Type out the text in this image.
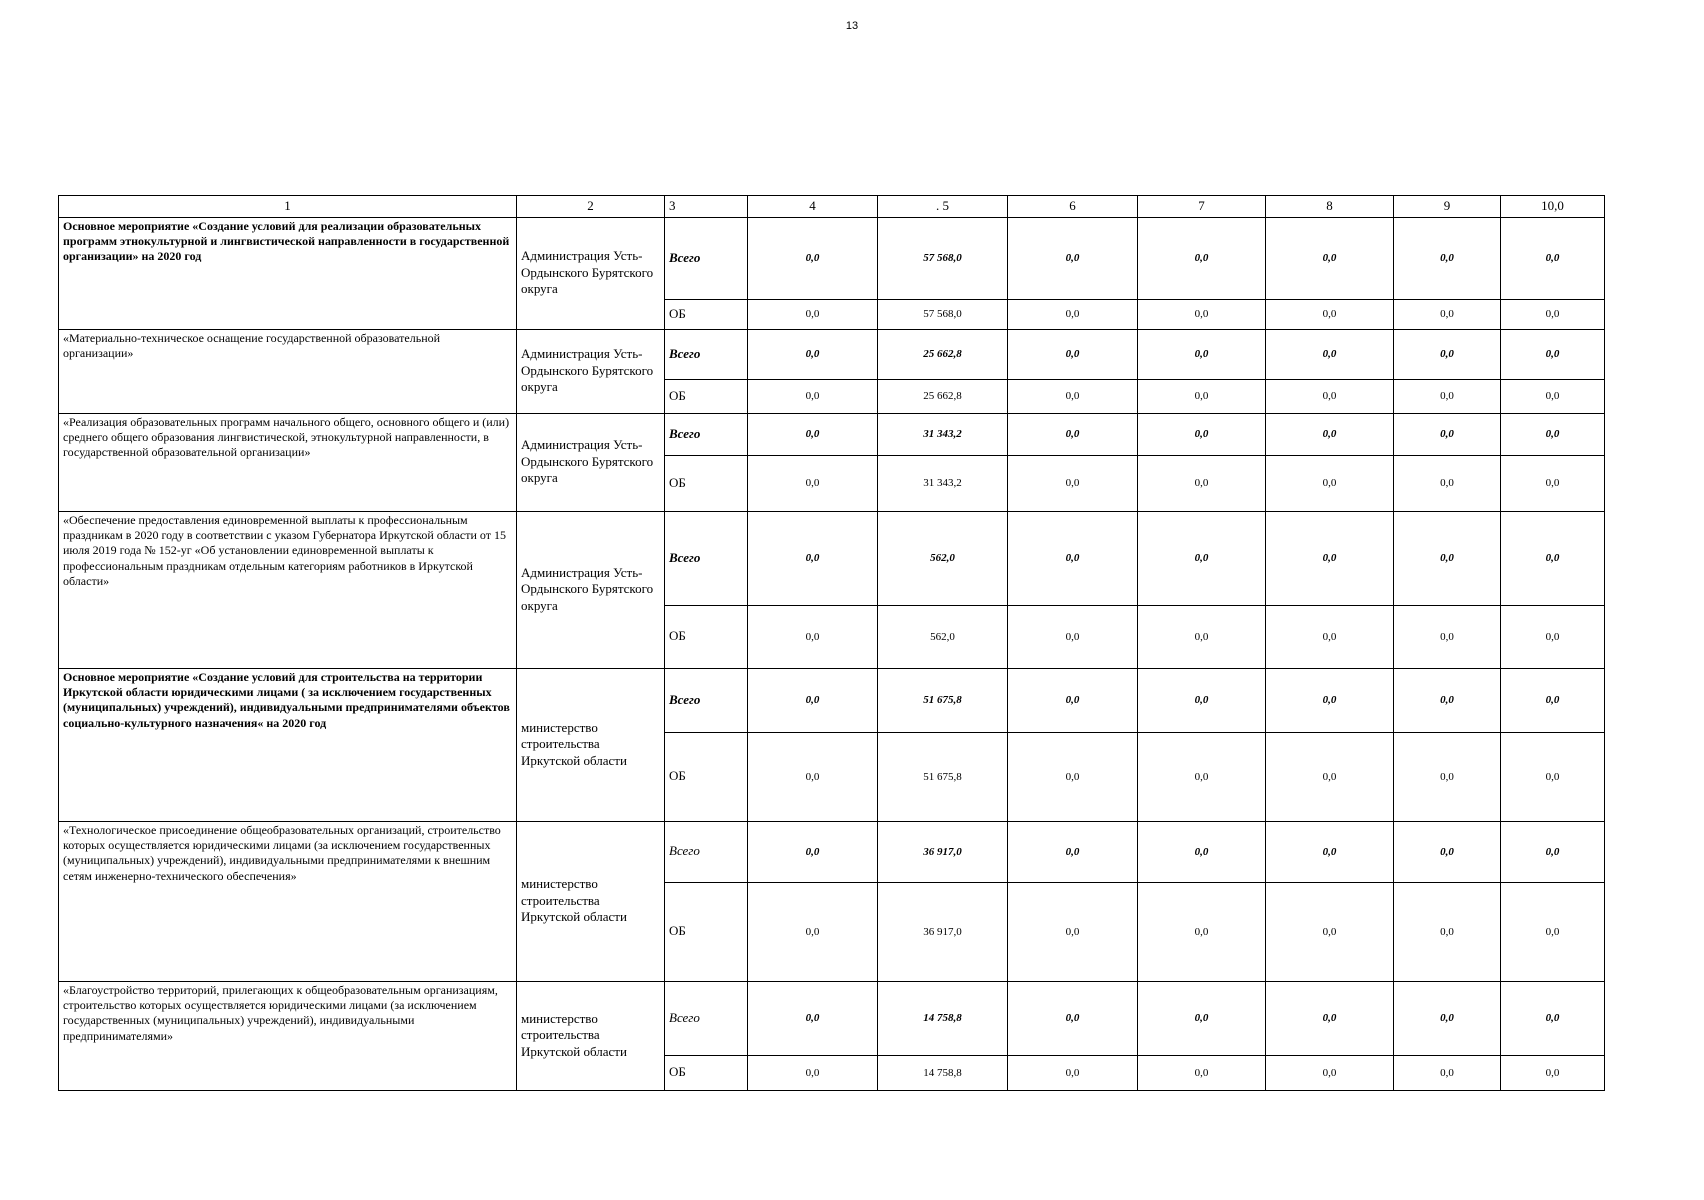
13
1	2	3	4	. 5	6	7	8	9	10,0
Основное мероприятие «Создание условий для реализации образовательных программ этнокультурной и лингвистической направленности в государственной организации» на 2020 год	Администрация Усть-Ордынского Бурятского округа	Всего	0,0	57 568,0	0,0	0,0	0,0	0,0	0,0
		ОБ	0,0	57 568,0	0,0	0,0	0,0	0,0	0,0
«Материально-техническое оснащение государственной образовательной организации»	Администрация Усть-Ордынского Бурятского округа	Всего	0,0	25 662,8	0,0	0,0	0,0	0,0	0,0
		ОБ	0,0	25 662,8	0,0	0,0	0,0	0,0	0,0
«Реализация образовательных программ начального общего, основного общего и (или) среднего общего образования лингвистической, этнокультурной направленности, в государственной образовательной организации»	Администрация Усть-Ордынского Бурятского округа	Всего	0,0	31 343,2	0,0	0,0	0,0	0,0	0,0
		ОБ	0,0	31 343,2	0,0	0,0	0,0	0,0	0,0
«Обеспечение предоставления единовременной выплаты к профессиональным праздникам в 2020 году в соответствии с указом Губернатора Иркутской области от 15 июля 2019 года № 152-уг «Об установлении единовременной выплаты к профессиональным праздникам отдельным категориям работников в Иркутской области»	Администрация Усть-Ордынского Бурятского округа	Всего	0,0	562,0	0,0	0,0	0,0	0,0	0,0
		ОБ	0,0	562,0	0,0	0,0	0,0	0,0	0,0
Основное мероприятие «Создание условий для строительства на территории Иркутской области юридическими лицами ( за исключением государственных (муниципальных) учреждений), индивидуальными предпринимателями объектов социально-культурного назначения« на 2020 год	министерство строительства Иркутской области	Всего	0,0	51 675,8	0,0	0,0	0,0	0,0	0,0
		ОБ	0,0	51 675,8	0,0	0,0	0,0	0,0	0,0
«Технологическое присоединение общеобразовательных организаций, строительство которых осуществляется юридическими лицами (за исключением государственных (муниципальных) учреждений), индивидуальными предпринимателями к внешним сетям инженерно-технического обеспечения»	министерство строительства Иркутской области	Всего	0,0	36 917,0	0,0	0,0	0,0	0,0	0,0
		ОБ	0,0	36 917,0	0,0	0,0	0,0	0,0	0,0
«Благоустройство территорий, прилегающих к общеобразовательным организациям, строительство которых осуществляется юридическими лицами (за исключением государственных (муниципальных) учреждений), индивидуальными предпринимателями»	министерство строительства Иркутской области	Всего	0,0	14 758,8	0,0	0,0	0,0	0,0	0,0
		ОБ	0,0	14 758,8	0,0	0,0	0,0	0,0	0,0
